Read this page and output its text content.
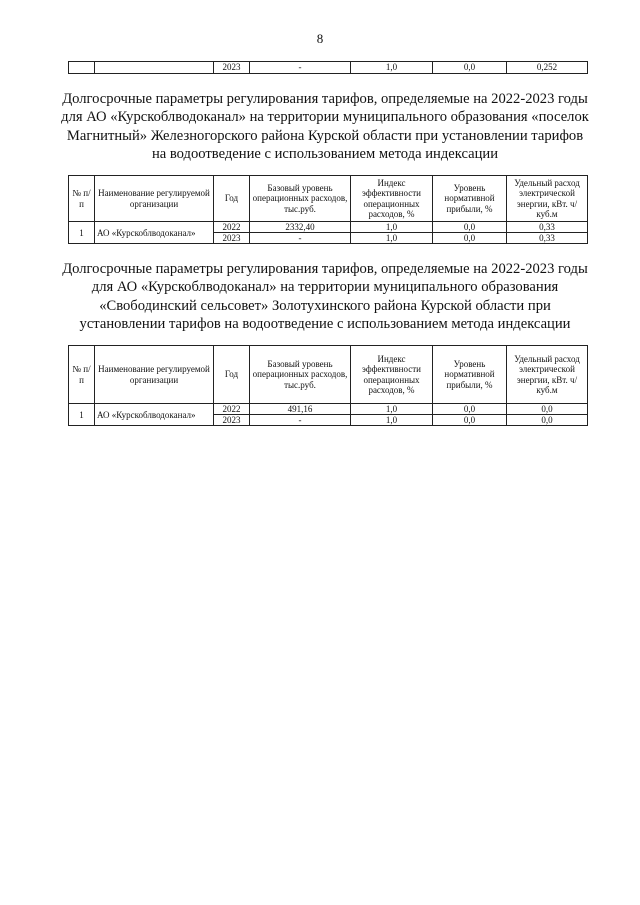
8
		2023	-	1,0	0,0	0,252
Долгосрочные параметры регулирования тарифов, определяемые на 2022-2023 годы для АО «Курскоблводоканал» на территории муниципального образования «поселок Магнитный» Железногорского района Курской области при установлении тарифов на водоотведение с использованием метода индексации
№ п/п	Наименование регулируемой организации	Год	Базовый уровень операционных расходов, тыс.руб.	Индекс эффективности операционных расходов, %	Уровень нормативной прибыли, %	Удельный расход электрической энергии, кВт. ч/куб.м
1	АО «Курскоблводоканал»	2022	2332,40	1,0	0,0	0,33
		2023	-	1,0	0,0	0,33
Долгосрочные параметры регулирования тарифов, определяемые на 2022-2023 годы для АО «Курскоблводоканал» на территории муниципального образования «Свободинский сельсовет» Золотухинского района Курской области при установлении тарифов на водоотведение с использованием метода индексации
№ п/п	Наименование регулируемой организации	Год	Базовый уровень операционных расходов, тыс.руб.	Индекс эффективности операционных расходов, %	Уровень нормативной прибыли, %	Удельный расход электрической энергии, кВт. ч/куб.м
1	АО «Курскоблводоканал»	2022	491,16	1,0	0,0	0,0
		2023	-	1,0	0,0	0,0
